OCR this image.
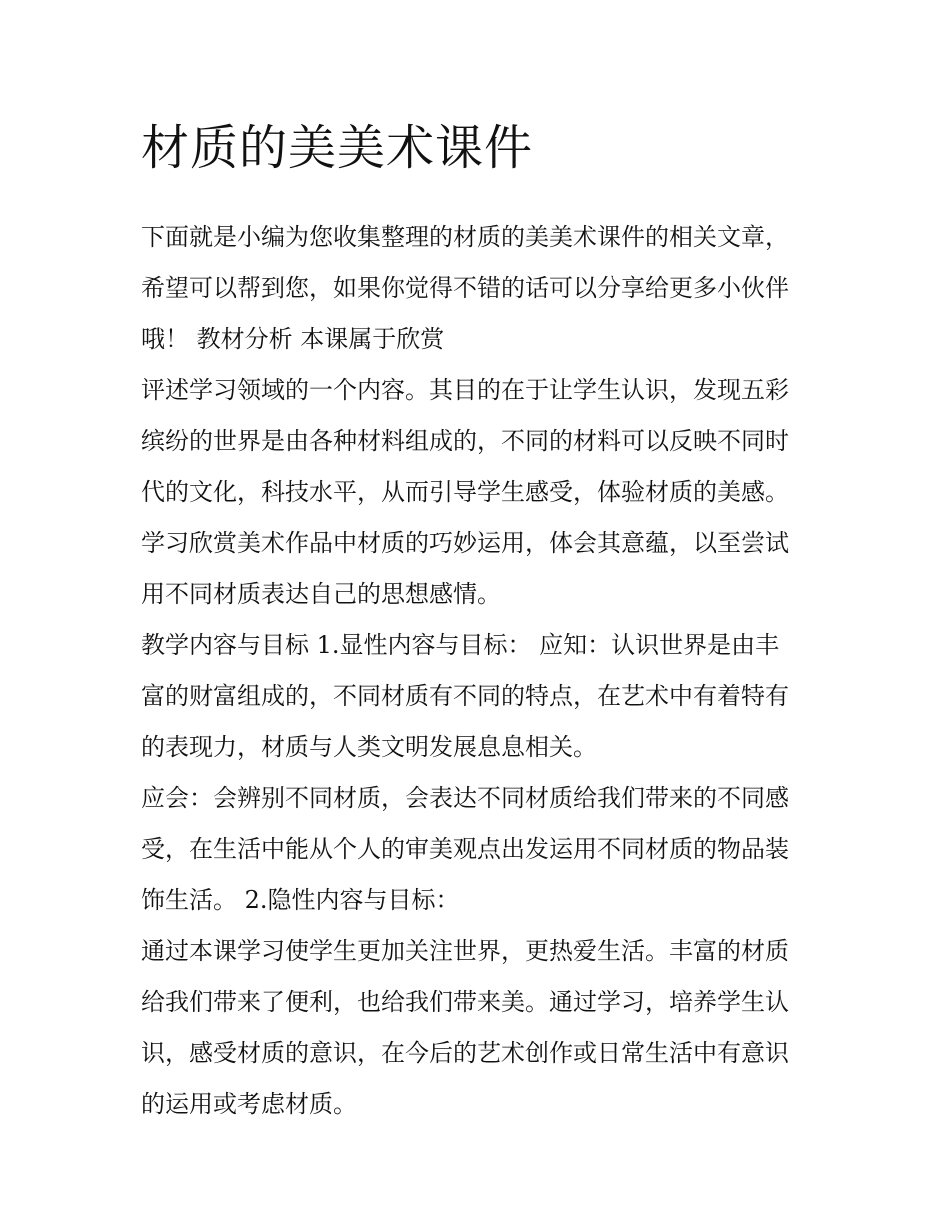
材质的美美术课件

下面就是小编为您收集整理的材质的美美术课件的相关文章，
希望可以帮到您，如果你觉得不错的话可以分享给更多小伙伴
哦！ 教材分析 本课属于欣赏

评述学习领域的一个内容。其目的在于让学生认识，发现五彩
缤纷的世界是由各种材料组成的，不同的材料可以反映不同时
代的文化，科技水平，从而引导学生感受，体验材质的美感。
学习欣赏美术作品中材质的巧妙运用，体会其意蕴，以至尝试
用不同材质表达自己的思想感情。

教学内容与目标 1.显性内容与目标： 应知：认识世界是由丰
富的财富组成的，不同材质有不同的特点，在艺术中有着特有
的表现力，材质与人类文明发展息息相关。

应会：会辨别不同材质，会表达不同材质给我们带来的不同感
受，在生活中能从个人的审美观点出发运用不同材质的物品装
饰生活。 2.隐性内容与目标：

通过本课学习使学生更加关注世界，更热爱生活。丰富的材质
给我们带来了便利，也给我们带来美。通过学习，培养学生认
识，感受材质的意识，在今后的艺术创作或日常生活中有意识
的运用或考虑材质。
